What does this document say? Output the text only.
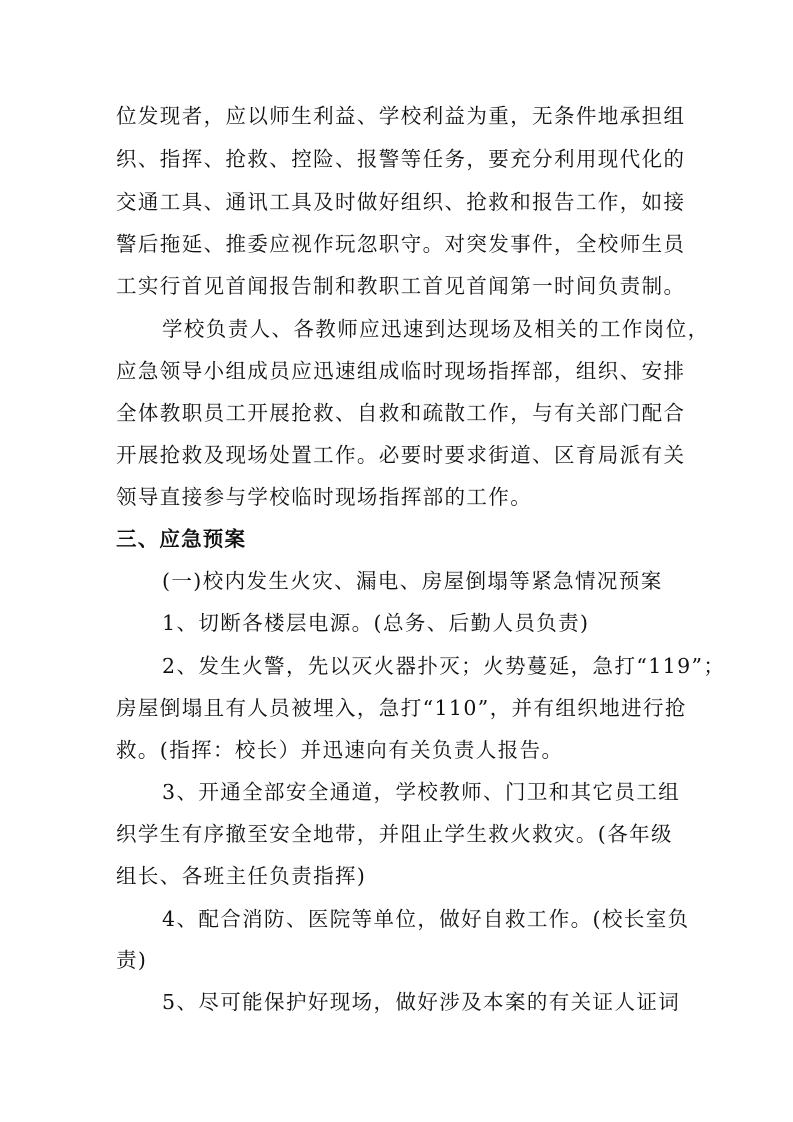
位发现者，应以师生利益、学校利益为重，无条件地承担组
织、指挥、抢救、控险、报警等任务，要充分利用现代化的
交通工具、通讯工具及时做好组织、抢救和报告工作，如接
警后拖延、推委应视作玩忽职守。对突发事件，全校师生员
工实行首见首闻报告制和教职工首见首闻第一时间负责制。
学校负责人、各教师应迅速到达现场及相关的工作岗位，
应急领导小组成员应迅速组成临时现场指挥部，组织、安排
全体教职员工开展抢救、自救和疏散工作，与有关部门配合
开展抢救及现场处置工作。必要时要求街道、区育局派有关
领导直接参与学校临时现场指挥部的工作。
三、应急预案
(一)校内发生火灾、漏电、房屋倒塌等紧急情况预案
1、切断各楼层电源。(总务、后勤人员负责)
2、发生火警，先以灭火器扑灭；火势蔓延，急打“119”；
房屋倒塌且有人员被埋入，急打“110”，并有组织地进行抢
救。(指挥：校长）并迅速向有关负责人报告。
3、开通全部安全通道，学校教师、门卫和其它员工组
织学生有序撤至安全地带，并阻止学生救火救灾。(各年级
组长、各班主任负责指挥)
4、配合消防、医院等单位，做好自救工作。(校长室负
责)
5、尽可能保护好现场，做好涉及本案的有关证人证词
